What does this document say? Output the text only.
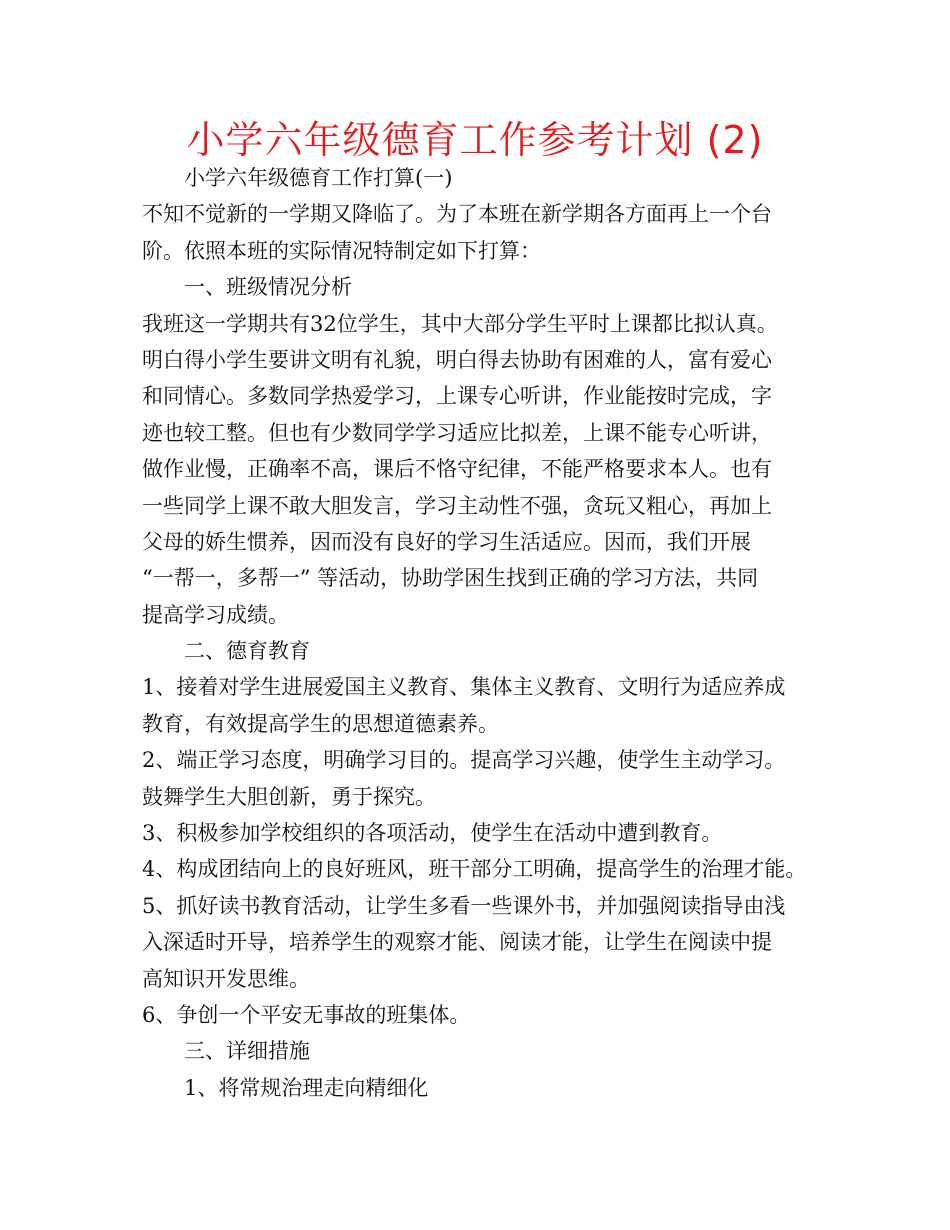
小学六年级德育工作参考计划 (2)
小学六年级德育工作打算(一)
不知不觉新的一学期又降临了。为了本班在新学期各方面再上一个台
阶。依照本班的实际情况特制定如下打算：
一、班级情况分析
我班这一学期共有32位学生，其中大部分学生平时上课都比拟认真。
明白得小学生要讲文明有礼貌，明白得去协助有困难的人，富有爱心
和同情心。多数同学热爱学习，上课专心听讲，作业能按时完成，字
迹也较工整。但也有少数同学学习适应比拟差，上课不能专心听讲，
做作业慢，正确率不高，课后不恪守纪律，不能严格要求本人。也有
一些同学上课不敢大胆发言，学习主动性不强，贪玩又粗心，再加上
父母的娇生惯养，因而没有良好的学习生活适应。因而，我们开展
“一帮一，多帮一” 等活动，协助学困生找到正确的学习方法，共同
提高学习成绩。
二、德育教育
1、接着对学生进展爱国主义教育、集体主义教育、文明行为适应养成
教育，有效提高学生的思想道德素养。
2、端正学习态度，明确学习目的。提高学习兴趣，使学生主动学习。
鼓舞学生大胆创新，勇于探究。
3、积极参加学校组织的各项活动，使学生在活动中遭到教育。
4、构成团结向上的良好班风，班干部分工明确，提高学生的治理才能。
5、抓好读书教育活动，让学生多看一些课外书，并加强阅读指导由浅
入深适时开导，培养学生的观察才能、阅读才能，让学生在阅读中提
高知识开发思维。
6、争创一个平安无事故的班集体。
三、详细措施
1、将常规治理走向精细化
